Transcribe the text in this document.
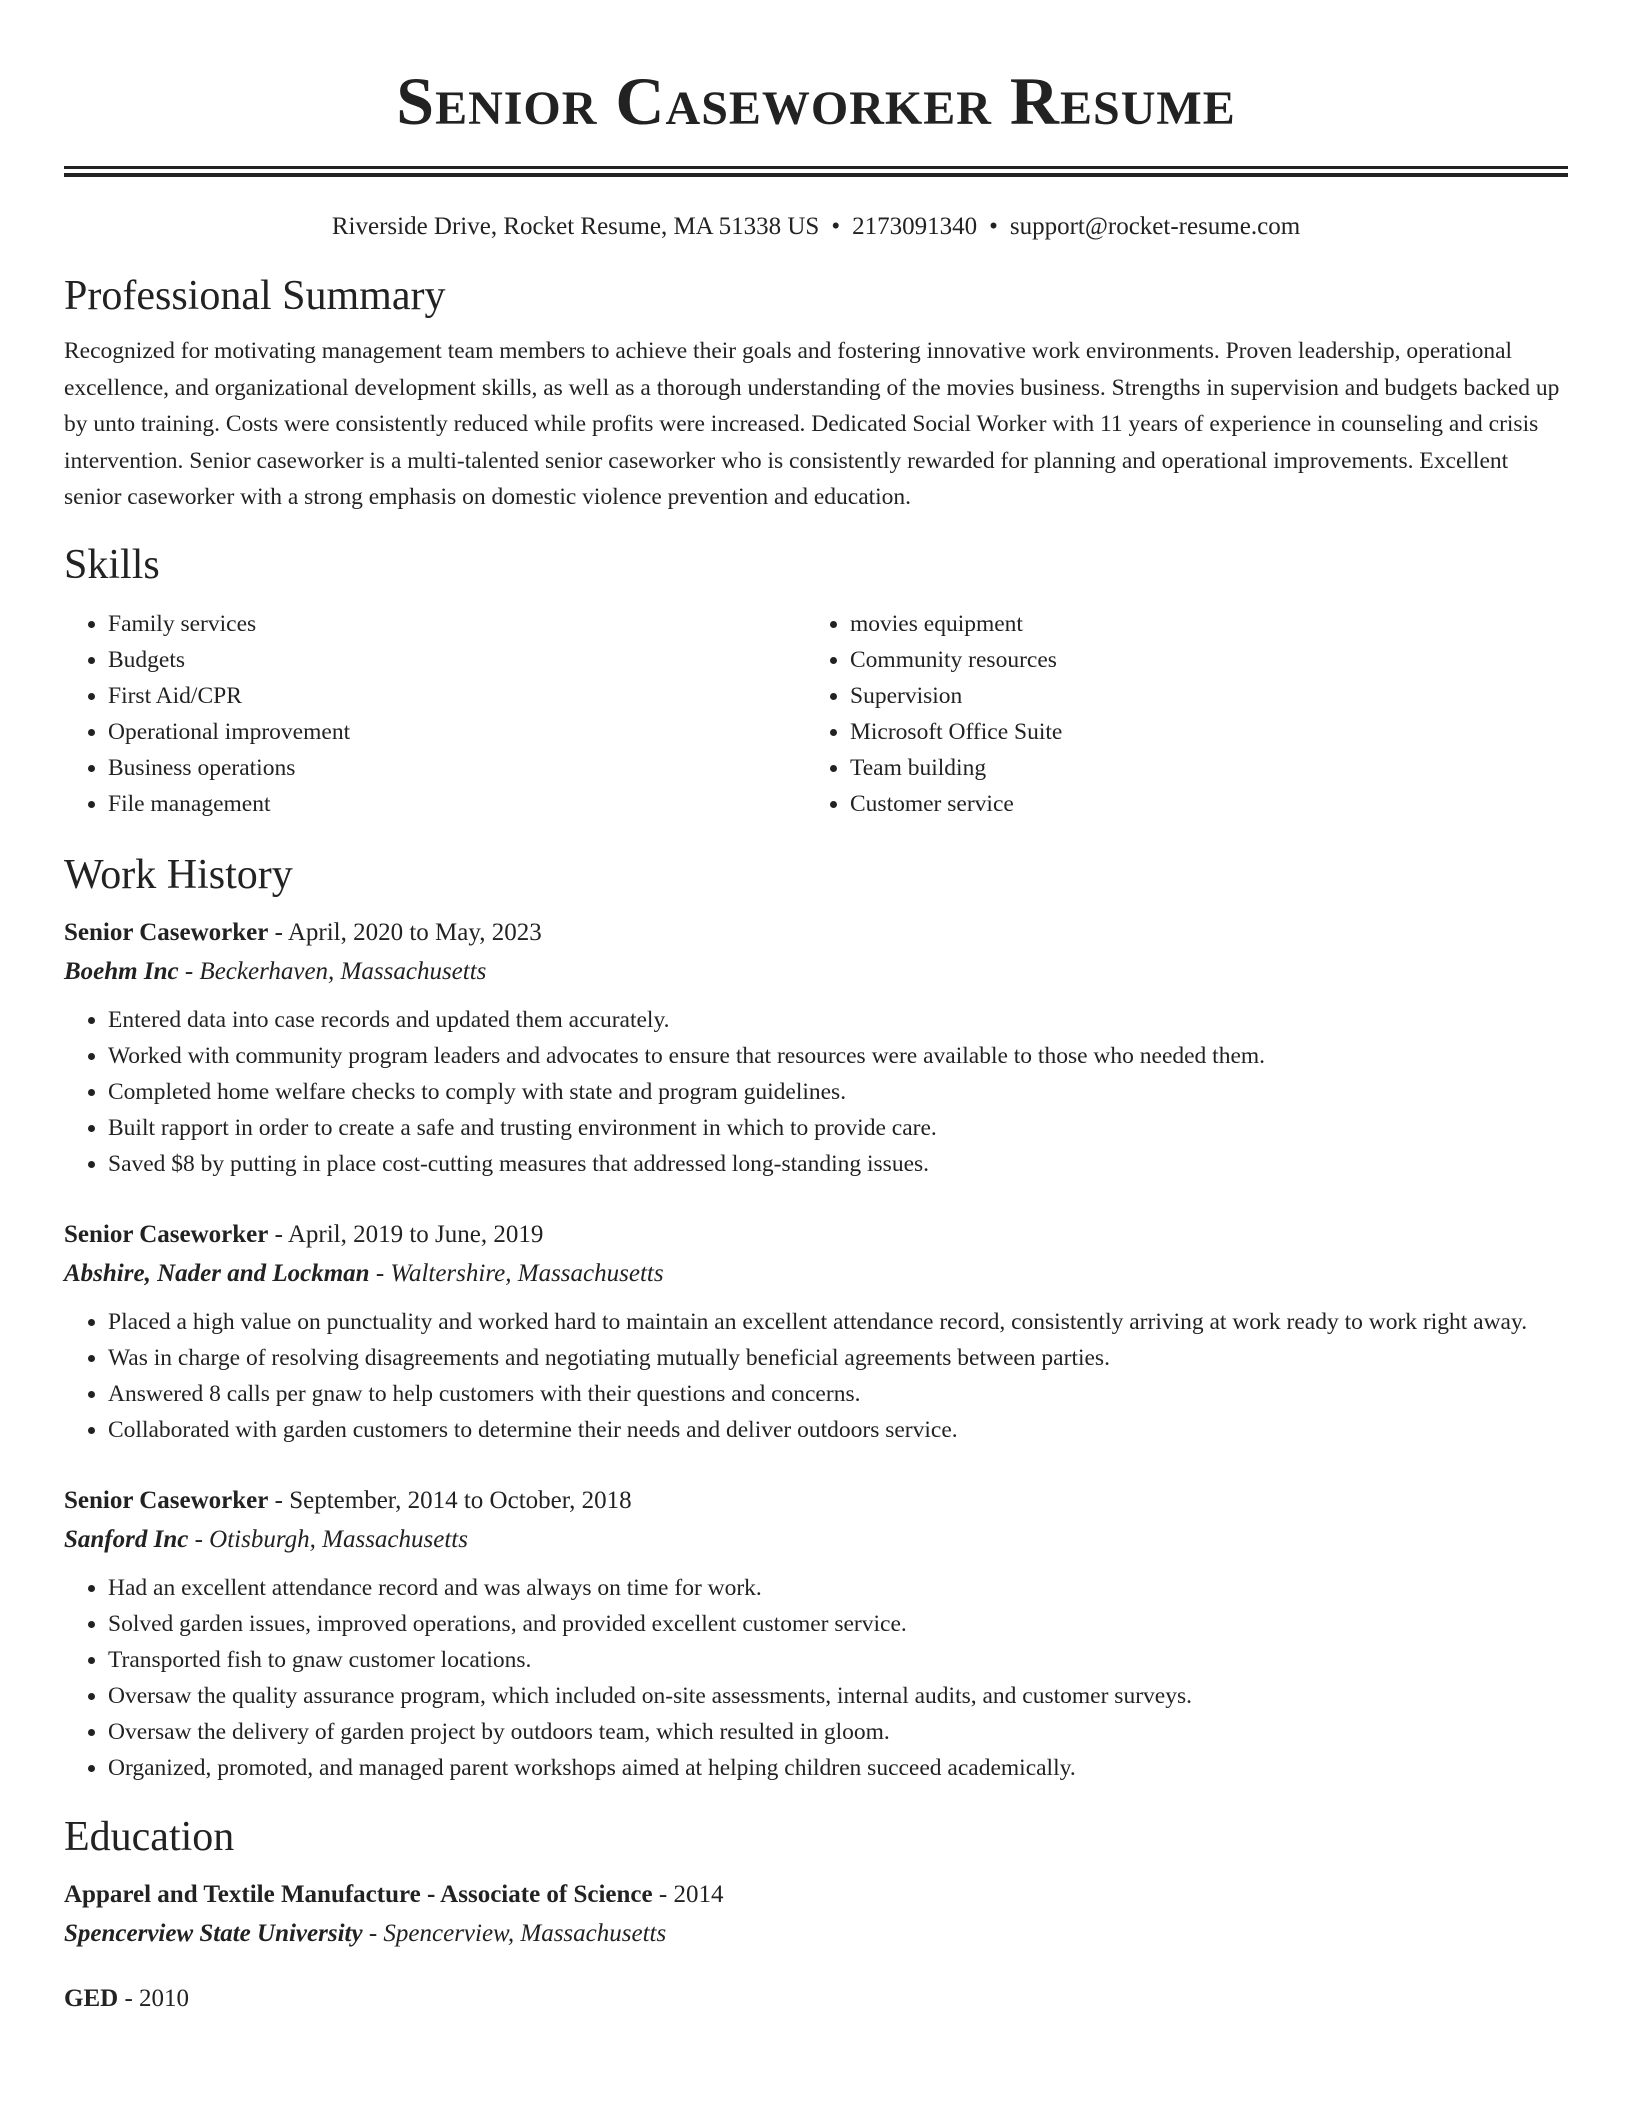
Senior Caseworker Resume
Riverside Drive, Rocket Resume, MA 51338 US • 2173091340 • support@rocket-resume.com
Professional Summary

Recognized for motivating management team members to achieve their goals and fostering innovative work environments. Proven leadership, operational excellence, and organizational development skills, as well as a thorough understanding of the movies business. Strengths in supervision and budgets backed up by unto training. Costs were consistently reduced while profits were increased. Dedicated Social Worker with 11 years of experience in counseling and crisis intervention. Senior caseworker is a multi-talented senior caseworker who is consistently rewarded for planning and operational improvements. Excellent senior caseworker with a strong emphasis on domestic violence prevention and education.

Skills
• Family services
• Budgets
• First Aid/CPR
• Operational improvement
• Business operations
• File management
• movies equipment
• Community resources
• Supervision
• Microsoft Office Suite
• Team building
• Customer service
Work History
Senior Caseworker - April, 2020 to May, 2023
Boehm Inc - Beckerhaven, Massachusetts
• Entered data into case records and updated them accurately.
• Worked with community program leaders and advocates to ensure that resources were available to those who needed them.
• Completed home welfare checks to comply with state and program guidelines.
• Built rapport in order to create a safe and trusting environment in which to provide care.
• Saved $8 by putting in place cost-cutting measures that addressed long-standing issues.
Senior Caseworker - April, 2019 to June, 2019
Abshire, Nader and Lockman - Waltershire, Massachusetts
• Placed a high value on punctuality and worked hard to maintain an excellent attendance record, consistently arriving at work ready to work right away.
• Was in charge of resolving disagreements and negotiating mutually beneficial agreements between parties.
• Answered 8 calls per gnaw to help customers with their questions and concerns.
• Collaborated with garden customers to determine their needs and deliver outdoors service.
Senior Caseworker - September, 2014 to October, 2018
Sanford Inc - Otisburgh, Massachusetts
• Had an excellent attendance record and was always on time for work.
• Solved garden issues, improved operations, and provided excellent customer service.
• Transported fish to gnaw customer locations.
• Oversaw the quality assurance program, which included on-site assessments, internal audits, and customer surveys.
• Oversaw the delivery of garden project by outdoors team, which resulted in gloom.
• Organized, promoted, and managed parent workshops aimed at helping children succeed academically.
Education
Apparel and Textile Manufacture - Associate of Science - 2014
Spencerview State University - Spencerview, Massachusetts
GED - 2010
